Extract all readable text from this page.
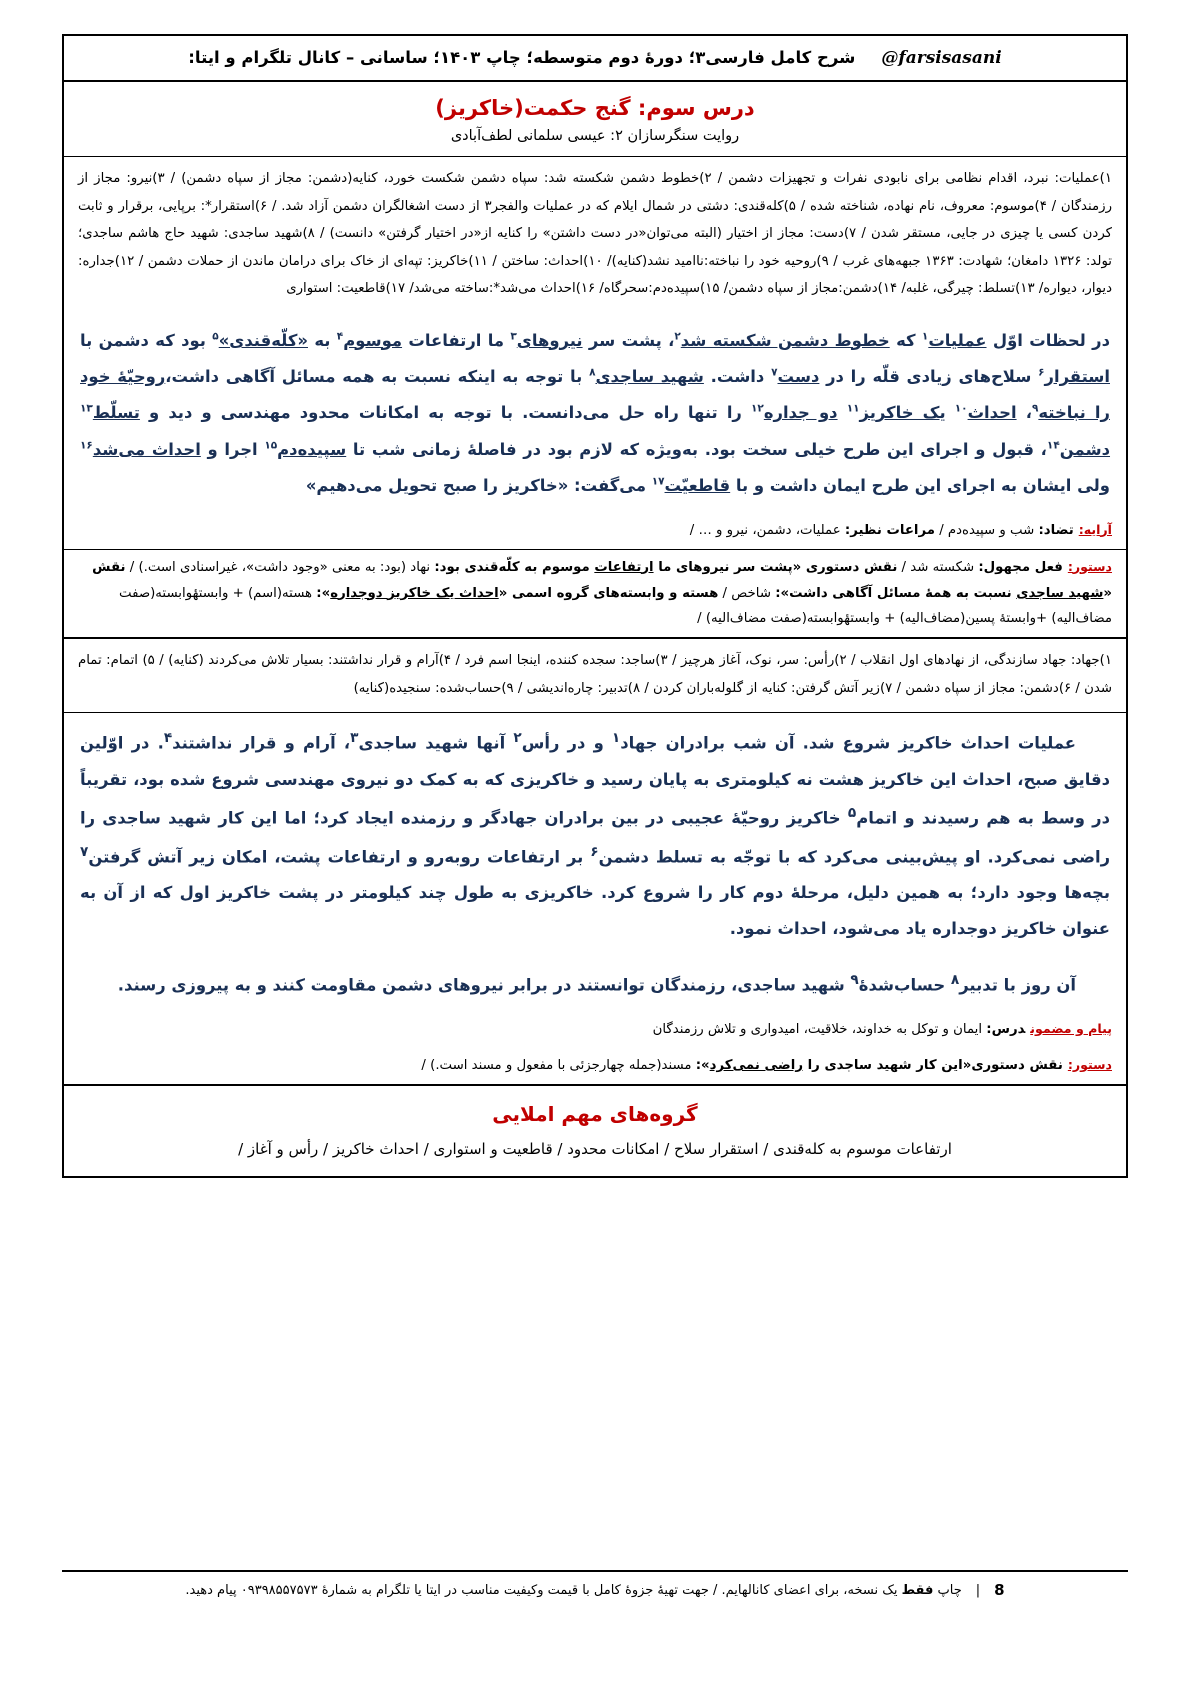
@farsisasani
شرح کامل فارسی۳؛ دورهٔ دوم متوسطه؛ چاپ ۱۴۰۳؛ ساسانی – کانال تلگرام و ایتا:
درس سوم: گنج حکمت(خاکریز)
روایت سنگرسازان ۲: عیسی سلمانی لطف‌آبادی
۱)عملیات: نبرد، اقدام نظامی برای نابودی نفرات و تجهیزات دشمن / ۲)خطوط دشمن شکسته شد: سپاه دشمن شکست خورد، کنایه(دشمن: مجاز از سپاه دشمن) / ۳)نیرو: مجاز از رزمندگان / ۴)موسوم: معروف، نام نهاده، شناخته شده / ۵)کله‌قندی: دشتی در شمال ایلام که در عملیات والفجر۳ از دست اشغالگران دشمن آزاد شد. / ۶)استقرار*: برپایی، برقرار و ثابت کردن کسی یا چیزی در جایی، مستقر شدن / ۷)دست: مجاز از اختیار (البته می‌توان«در دست داشتن» را کنایه از«در اختیار گرفتن» دانست) / ۸)شهید ساجدی: شهید حاج هاشم ساجدی؛ تولد: ۱۳۲۶ دامغان؛ شهادت: ۱۳۶۳ جبهه‌های غرب / ۹)روحیه خود را نباخته:ناامید نشد(کنایه)/ ۱۰)احداث: ساختن / ۱۱)خاکریز: تپه‌ای از خاک برای درامان ماندن از حملات دشمن / ۱۲)جداره: دیوار، دیواره/ ۱۳)تسلط: چیرگی، غلبه/ ۱۴)دشمن:مجاز از سپاه دشمن/ ۱۵)سپیده‌دم:سحرگاه/ ۱۶)احداث می‌شد*:ساخته می‌شد/ ۱۷)قاطعیت: استواری
در لحظات اوّل عملیات$^۱$ که خطوط دشمن شکسته شد$^۲$، پشت سر نیروهای$^۳$ ما ارتفاعات موسوم$^۴$ به «کلّه‌قندی»$^۵$ بود که دشمن با استقرار$^۶$ سلاح‌های زیادی قلّه را در دست$^۷$ داشت. شهید ساجدی$^۸$ با توجه به اینکه نسبت به همه مسائل آگاهی داشت،روحیّهٔ خود را نباخته$^۹$، احداث$^{۱۰}$ یک خاکریز$^{۱۱}$ دو جداره$^{۱۲}$ را تنها راه حل می‌دانست. با توجه به امکانات محدود مهندسی و دید و تسلّط$^{۱۳}$ دشمن$^{۱۴}$، قبول و اجرای این طرح خیلی سخت بود. به‌ویژه که لازم بود در فاصلهٔ زمانی شب تا سپیده‌دم$^{۱۵}$ اجرا و احداث می‌شد$^{۱۶}$ ولی ایشان به اجرای این طرح ایمان داشت و با قاطعیّت$^{۱۷}$ می‌گفت: «خاکریز را صبح تحویل می‌دهیم»
آرایه:تضاد: شب و سپیده‌دم / مراعات نظیر: عملیات، دشمن، نیرو و … /
دستور:فعل مجهول: شکسته شد / نقش دستوری «پشت سر نیروهای ما ارتفاعات موسوم به کلّه‌قندی بود: نهاد (بود: به معنی «وجود داشت»، غیراسنادی است.) / نقش «شهید ساجدی نسبت به همهٔ مسائل آگاهی داشت»: شاخص / هسته و وابسته‌های گروه اسمی «احداث یک خاکریز دوجداره»: هسته(اسم) + وابستهٔوابسته(صفت مضاف‌الیه) +وابستهٔ پسین(مضاف‌الیه) + وابستهٔوابسته(صفت مضاف‌الیه) /
۱)جهاد: جهاد سازندگی، از نهادهای اول انقلاب / ۲)رأس: سر، نوک، آغاز هرچیز / ۳)ساجد: سجده کننده، اینجا اسم فرد / ۴)آرام و قرار نداشتند: بسیار تلاش می‌کردند (کنایه) / ۵) اتمام: تمام شدن / ۶)دشمن: مجاز از سپاه دشمن / ۷)زیر آتش گرفتن: کنایه از گلوله‌باران کردن / ۸)تدبیر: چاره‌اندیشی / ۹)حساب‌شده: سنجیده(کنایه)
عملیات احداث خاکریز شروع شد. آن شب برادران جهاد$^۱$ و در رأس$^۲$ آنها شهید ساجدی$^۳$، آرام و قرار نداشتند$^۴$. در اوّلین دقایق صبح، احداث این خاکریز هشت نه کیلومتری به پایان رسید و خاکریزی که به کمک دو نیروی مهندسی شروع شده بود، تقریباً در وسط به هم رسیدند و اتمام$^۵$ خاکریز روحیّهٔ عجیبی در بین برادران جهادگر و رزمنده ایجاد کرد؛ اما این کار شهید ساجدی را راضی نمی‌کرد. او پیش‌بینی می‌کرد که با توجّه به تسلط دشمن$^۶$ بر ارتفاعات روبه‌رو و ارتفاعات پشت، امکان زیر آتش گرفتن$^۷$ بچه‌ها وجود دارد؛ به همین دلیل، مرحلهٔ دوم کار را شروع کرد. خاکریزی به طول چند کیلومتر در پشت خاکریز اول که از آن به عنوان خاکریز دوجداره یاد می‌شود، احداث نمود.
آن روز با تدبیر$^۸$ حساب‌شدهٔ$^۹$ شهید ساجدی، رزمندگان توانستند در برابر نیروهای دشمن مقاومت کنند و به پیروزی رسند.
پیام و مضموندرس: ایمان و توکل به خداوند، خلاقیت، امیدواری و تلاش رزمندگان
دستور:نقش دستوری«این کار شهید ساجدی را راضی نمی‌کرد»: مسند(جمله چهارجزئی با مفعول و مسند است.) /
گروه‌های مهم املایی
ارتفاعات موسوم به کله‌قندی / استقرار سلاح / امکانات محدود / قاطعیت و استواری / احداث خاکریز / رأس و آغاز /
8
|
چاپ فقط یک نسخه، برای اعضای کانالهایم. / جهت تهیهٔ جزوهٔ کامل با قیمت وکیفیت مناسب در ایتا یا تلگرام به شمارهٔ ۰۹۳۹۸۵۵۷۵۷۳ پیام دهید.
